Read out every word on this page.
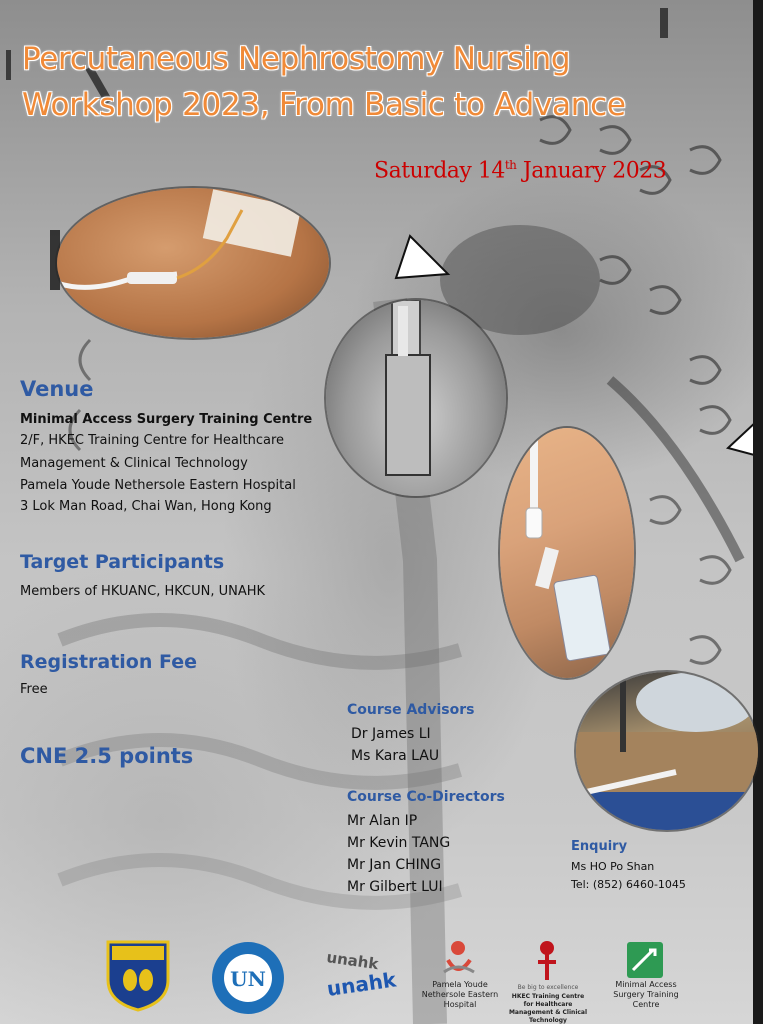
Percutaneous Nephrostomy Nursing
Workshop 2023, From Basic to Advance
Saturday 14th January 2023
Venue
Minimal Access Surgery Training Centre
2/F, HKEC Training Centre for Healthcare
Management & Clinical Technology
Pamela Youde Nethersole Eastern Hospital
3 Lok Man Road, Chai Wan, Hong Kong
Target Participants
Members of HKUANC, HKCUN, UNAHK
Registration Fee
Free
CNE 2.5 points
Course Advisors
Dr James LI
Ms Kara LAU
Course Co-Directors
Mr Alan IP
Mr Kevin TANG
Mr Jan CHING
Mr Gilbert LUI
Enquiry
Ms HO Po Shan
Tel: (852) 6460-1045
UN
unahk
unahk	Pamela Youde Nethersole Eastern Hospital
Be big to excellence
HKEC Training Centre for Healthcare Management & Clinical Technology
Minimal Access Surgery Training Centre
